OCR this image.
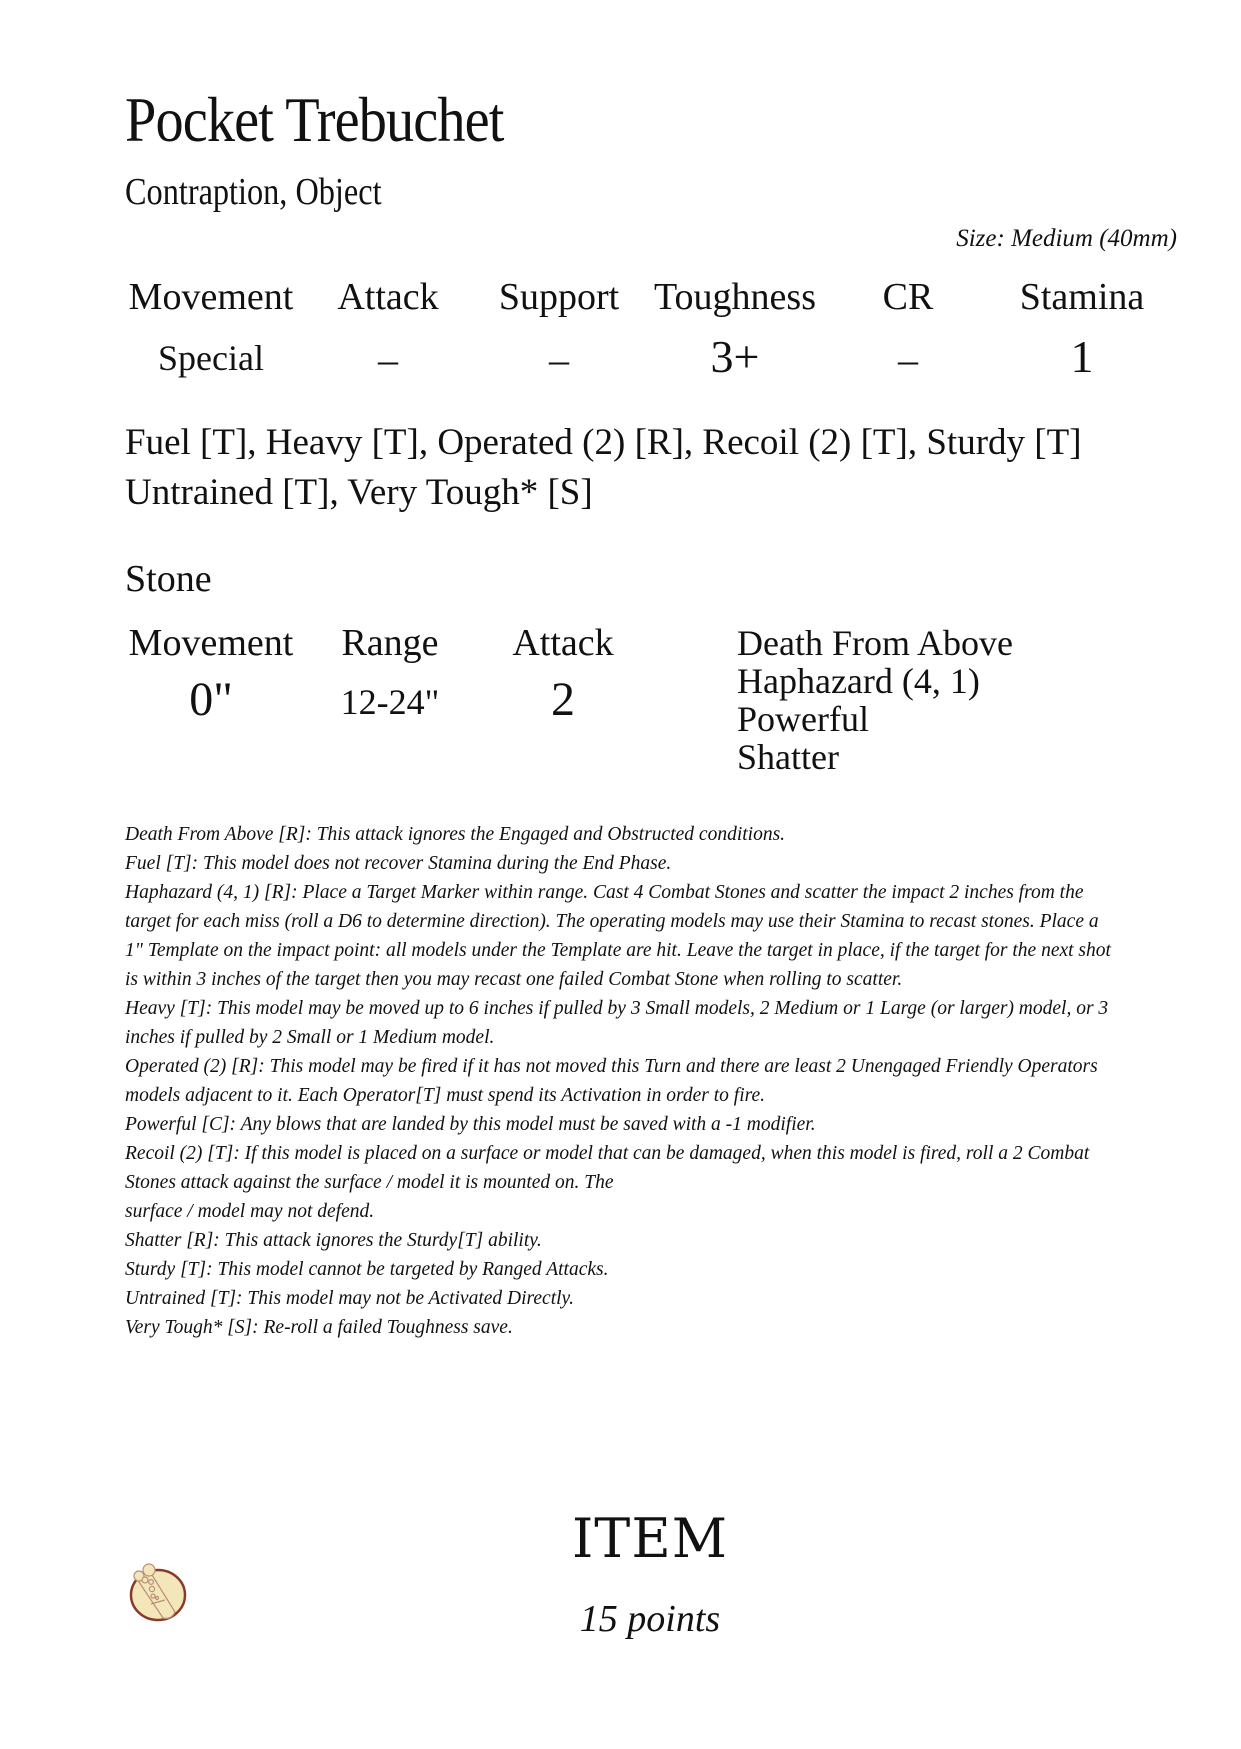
Pocket Trebuchet
Contraption, Object
Size: Medium (40mm)
Movement Attack Support Toughness CR Stamina
Special	–	–	3+	–	1
Fuel [T], Heavy [T], Operated (2) [R], Recoil (2) [T], Sturdy [T]
Untrained [T], Very Tough* [S]
Stone
Movement Range Attack
0"	12-24" 2
Death From Above
Haphazard (4, 1)
Powerful
Shatter

Death From Above [R]: This attack ignores the Engaged and Obstructed conditions.

Fuel [T]: This model does not recover Stamina during the End Phase.

Haphazard (4, 1) [R]: Place a Target Marker within range. Cast 4 Combat Stones and scatter the impact 2 inches from the target for each miss (roll a D6 to determine direction). The operating models may use their Stamina to recast stones. Place a 1" Template on the impact point: all models under the Template are hit. Leave the target in place, if the target for the next shot is within 3 inches of the target then you may recast one failed Combat Stone when rolling to scatter.

Heavy [T]: This model may be moved up to 6 inches if pulled by 3 Small models, 2 Medium or 1 Large (or larger) model, or 3 inches if pulled by 2 Small or 1 Medium model.

Operated (2) [R]: This model may be fired if it has not moved this Turn and there are least 2 Unengaged Friendly Operators models adjacent to it. Each Operator[T] must spend its Activation in order to fire.

Powerful [C]: Any blows that are landed by this model must be saved with a -1 modifier.

Recoil (2) [T]: If this model is placed on a surface or model that can be damaged, when this model is fired, roll a 2 Combat Stones attack against the surface / model it is mounted on. The

surface / model may not defend.

Shatter [R]: This attack ignores the Sturdy[T] ability.

Sturdy [T]: This model cannot be targeted by Ranged Attacks.

Untrained [T]: This model may not be Activated Directly.

Very Tough* [S]: Re-roll a failed Toughness save.

ITEM
15 points
